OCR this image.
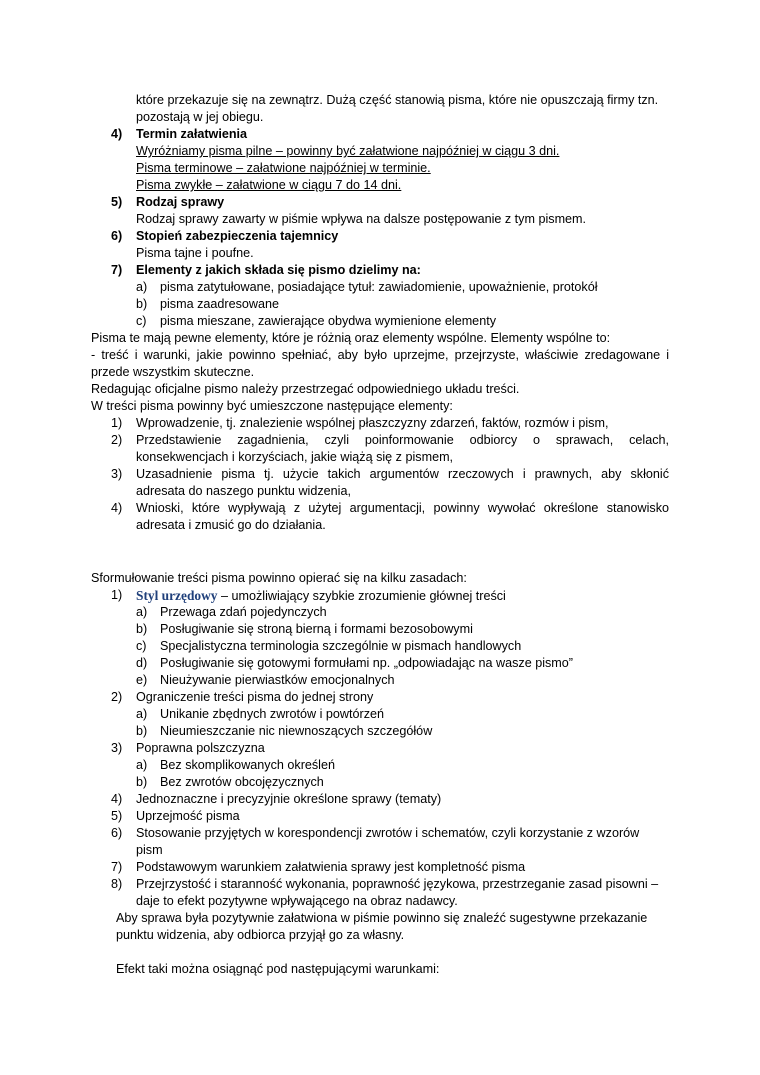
które przekazuje się na zewnątrz. Dużą część stanowią pisma, które nie opuszczają firmy tzn.
pozostają w jej obiegu.
4) Termin załatwienia
Wyróżniamy pisma pilne – powinny być załatwione najpóźniej w ciągu 3 dni.
Pisma terminowe – załatwione najpóźniej w terminie.
Pisma zwykłe – załatwione w ciągu 7 do 14 dni.
5) Rodzaj sprawy
Rodzaj sprawy zawarty w piśmie wpływa na dalsze postępowanie z tym pismem.
6) Stopień zabezpieczenia tajemnicy
Pisma tajne i poufne.
7) Elementy z jakich składa się pismo dzielimy na:
a) pisma zatytułowane, posiadające tytuł: zawiadomienie, upoważnienie, protokół
b) pisma zaadresowane
c) pisma mieszane, zawierające obydwa wymienione elementy
Pisma te mają pewne elementy, które je różnią oraz elementy wspólne. Elementy wspólne to:
- treść i warunki, jakie powinno spełniać, aby było uprzejme, przejrzyste, właściwie zredagowane i
przede wszystkim skuteczne.
Redagując oficjalne pismo należy przestrzegać odpowiedniego układu treści.
W treści pisma powinny być umieszczone następujące elementy:
1) Wprowadzenie, tj. znalezienie wspólnej płaszczyzny zdarzeń, faktów, rozmów i pism,
2) Przedstawienie zagadnienia, czyli poinformowanie odbiorcy o sprawach, celach,
konsekwencjach i korzyściach, jakie wiążą się z pismem,
3) Uzasadnienie pisma tj. użycie takich argumentów rzeczowych i prawnych, aby skłonić
adresata do naszego punktu widzenia,
4) Wnioski, które wypływają z użytej argumentacji, powinny wywołać określone stanowisko
adresata i zmusić go do działania.
Sformułowanie treści pisma powinno opierać się na kilku zasadach:
1) Styl urzędowy – umożliwiający szybkie zrozumienie głównej treści
a) Przewaga zdań pojedynczych
b) Posługiwanie się stroną bierną i formami bezosobowymi
c) Specjalistyczna terminologia szczególnie w pismach handlowych
d) Posługiwanie się gotowymi formułami np. „odpowiadając na wasze pismo”
e) Nieużywanie pierwiastków emocjonalnych
2) Ograniczenie treści pisma do jednej strony
a) Unikanie zbędnych zwrotów i powtórzeń
b) Nieumieszczanie nic niewnoszących szczegółów
3) Poprawna polszczyzna
a) Bez skomplikowanych określeń
b) Bez zwrotów obcojęzycznych
4) Jednoznaczne i precyzyjnie określone sprawy (tematy)
5) Uprzejmość pisma
6) Stosowanie przyjętych w korespondencji zwrotów i schematów, czyli korzystanie z wzorów
pism
7) Podstawowym warunkiem załatwienia sprawy jest kompletność pisma
8) Przejrzystość i staranność wykonania, poprawność językowa, przestrzeganie zasad pisowni –
daje to efekt pozytywne wpływającego na obraz nadawcy.
Aby sprawa była pozytywnie załatwiona w piśmie powinno się znaleźć sugestywne przekazanie
punktu widzenia, aby odbiorca przyjął go za własny.
Efekt taki można osiągnąć pod następującymi warunkami:
